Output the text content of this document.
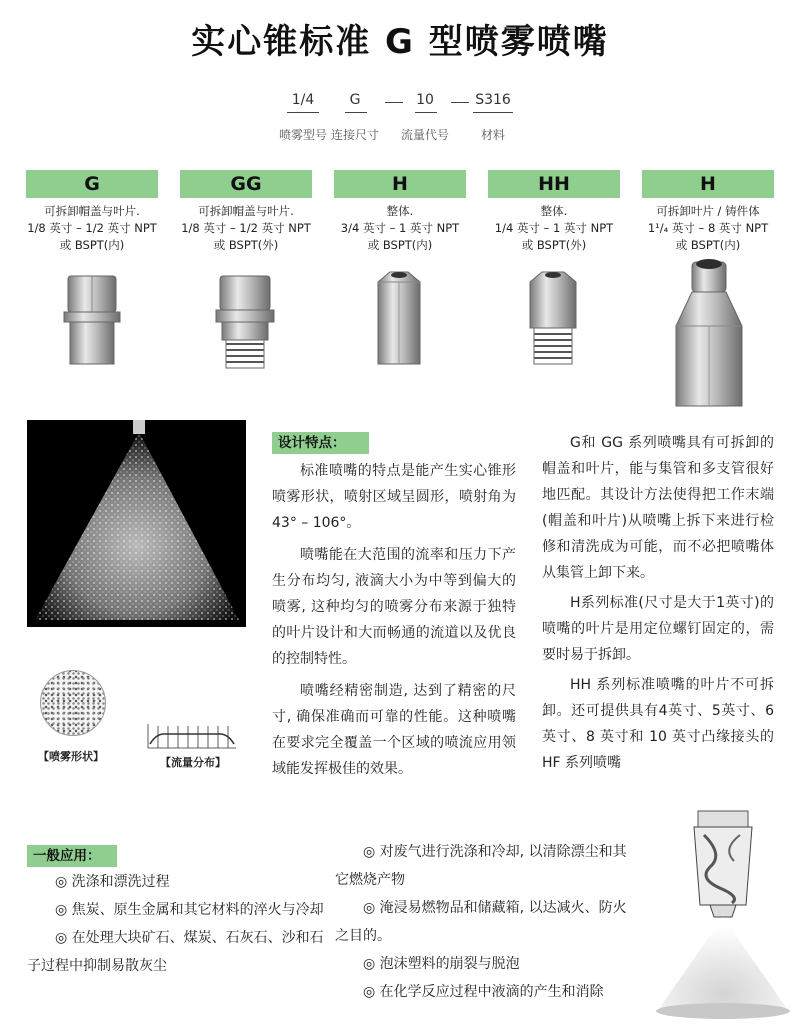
实心锥标准 G 型喷雾喷嘴
1/4
喷雾型号
G
连接尺寸
10
流量代号
S316
材料
G
可拆卸帽盖与叶片.
1/8 英寸 – 1/2 英寸 NPT
或 BSPT(内)
GG
可拆卸帽盖与叶片.
1/8 英寸 – 1/2 英寸 NPT
或 BSPT(外)
H
整体.
3/4 英寸 – 1 英寸 NPT
或 BSPT(内)
HH
整体.
1/4 英寸 – 1 英寸 NPT
或 BSPT(外)
H
可拆卸叶片 / 铸件体
1¹/₄ 英寸 – 8 英寸 NPT
或 BSPT(内)
【喷雾形状】	【流量分布】
设计特点：

标准喷嘴的特点是能产生实心锥形喷雾形状，喷射区域呈圆形，喷射角为 43° – 106°。

喷嘴能在大范围的流率和压力下产生分布均匀, 液滴大小为中等到偏大的喷雾, 这种均匀的喷雾分布来源于独特的叶片设计和大而畅通的流道以及优良的控制特性。

喷嘴经精密制造, 达到了精密的尺寸, 确保准确而可靠的性能。这种喷嘴在要求完全覆盖一个区域的喷流应用领域能发挥极佳的效果。

G和 GG 系列喷嘴具有可拆卸的帽盖和叶片，能与集管和多支管很好地匹配。其设计方法使得把工作末端(帽盖和叶片)从喷嘴上拆下来进行检修和清洗成为可能，而不必把喷嘴体从集管上卸下来。

H系列标准(尺寸是大于1英寸)的喷嘴的叶片是用定位螺钉固定的，需要时易于拆卸。

HH 系列标准喷嘴的叶片不可拆卸。还可提供具有4英寸、5英寸、6英寸、8 英寸和 10 英寸凸缘接头的 HF 系列喷嘴

一般应用：
◎ 洗涤和漂洗过程
◎ 焦炭、原生金属和其它材料的淬火与冷却
◎ 在处理大块矿石、煤炭、石灰石、沙和石子过程中抑制易散灰尘
◎ 对废气进行洗涤和冷却, 以清除漂尘和其它燃烧产物
◎ 淹浸易燃物品和储藏箱, 以达减火、防火之目的。
◎ 泡沫塑料的崩裂与脱泡
◎ 在化学反应过程中液滴的产生和消除
